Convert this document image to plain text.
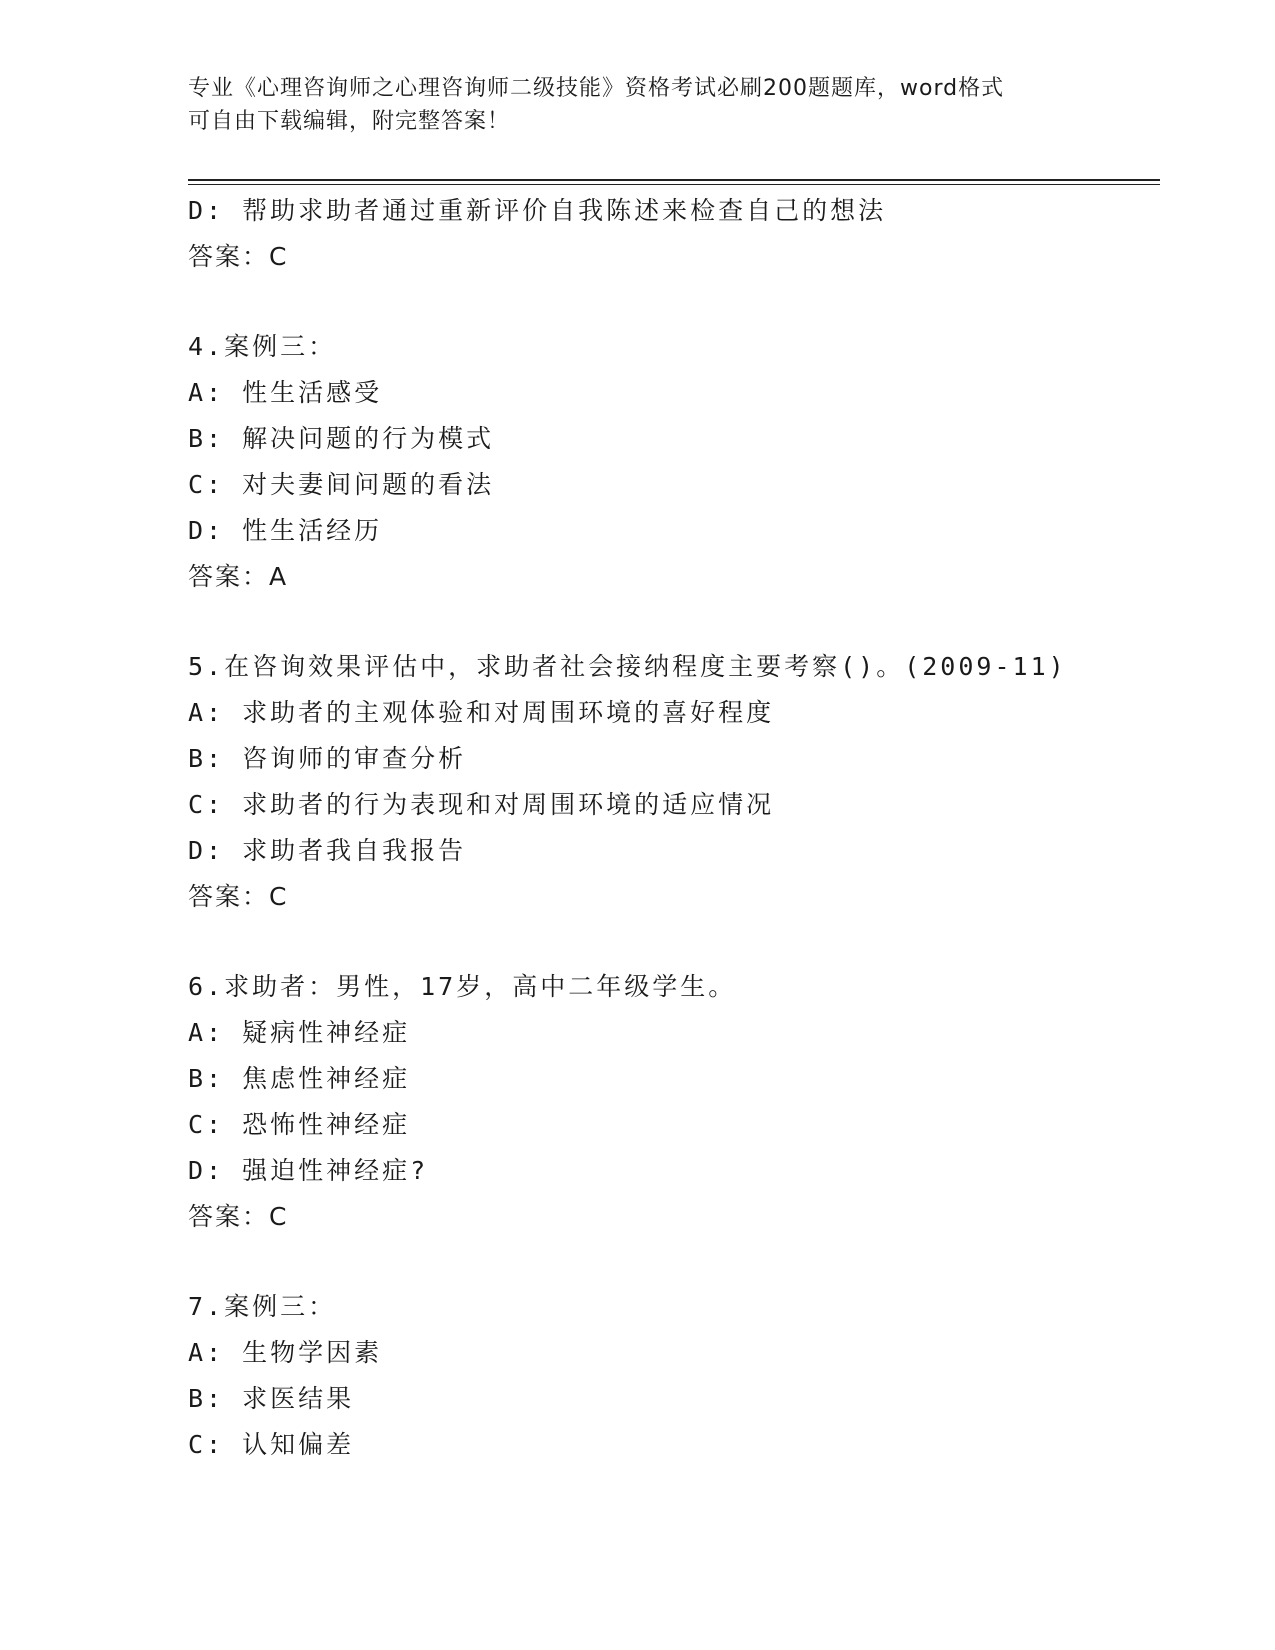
专业《心理咨询师之心理咨询师二级技能》资格考试必刷200题题库，word格式
可自由下载编辑，附完整答案！
D: 帮助求助者通过重新评价自我陈述来检查自己的想法
答案：C
4.案例三：
A: 性生活感受
B: 解决问题的行为模式
C: 对夫妻间问题的看法
D: 性生活经历
答案：A
5.在咨询效果评估中，求助者社会接纳程度主要考察()。(2009-11)
A: 求助者的主观体验和对周围环境的喜好程度
B: 咨询师的审查分析
C: 求助者的行为表现和对周围环境的适应情况
D: 求助者我自我报告
答案：C
6.求助者：男性，17岁，高中二年级学生。
A: 疑病性神经症
B: 焦虑性神经症
C: 恐怖性神经症
D: 强迫性神经症?
答案：C
7.案例三：
A: 生物学因素
B: 求医结果
C: 认知偏差
